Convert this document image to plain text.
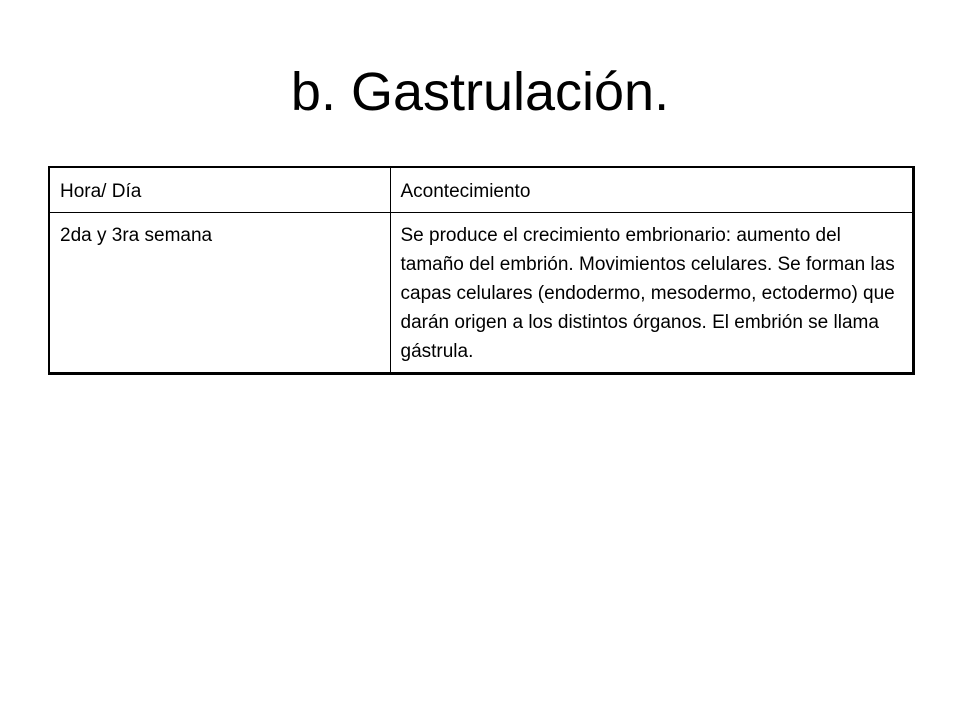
b. Gastrulación.
Hora/ Día	Acontecimiento
2da y 3ra semana	Se produce el crecimiento embrionario: aumento del tamaño del embrión. Movimientos celulares. Se forman las capas celulares (endodermo, mesodermo, ectodermo) que darán origen a los distintos órganos. El embrión se llama gástrula.
